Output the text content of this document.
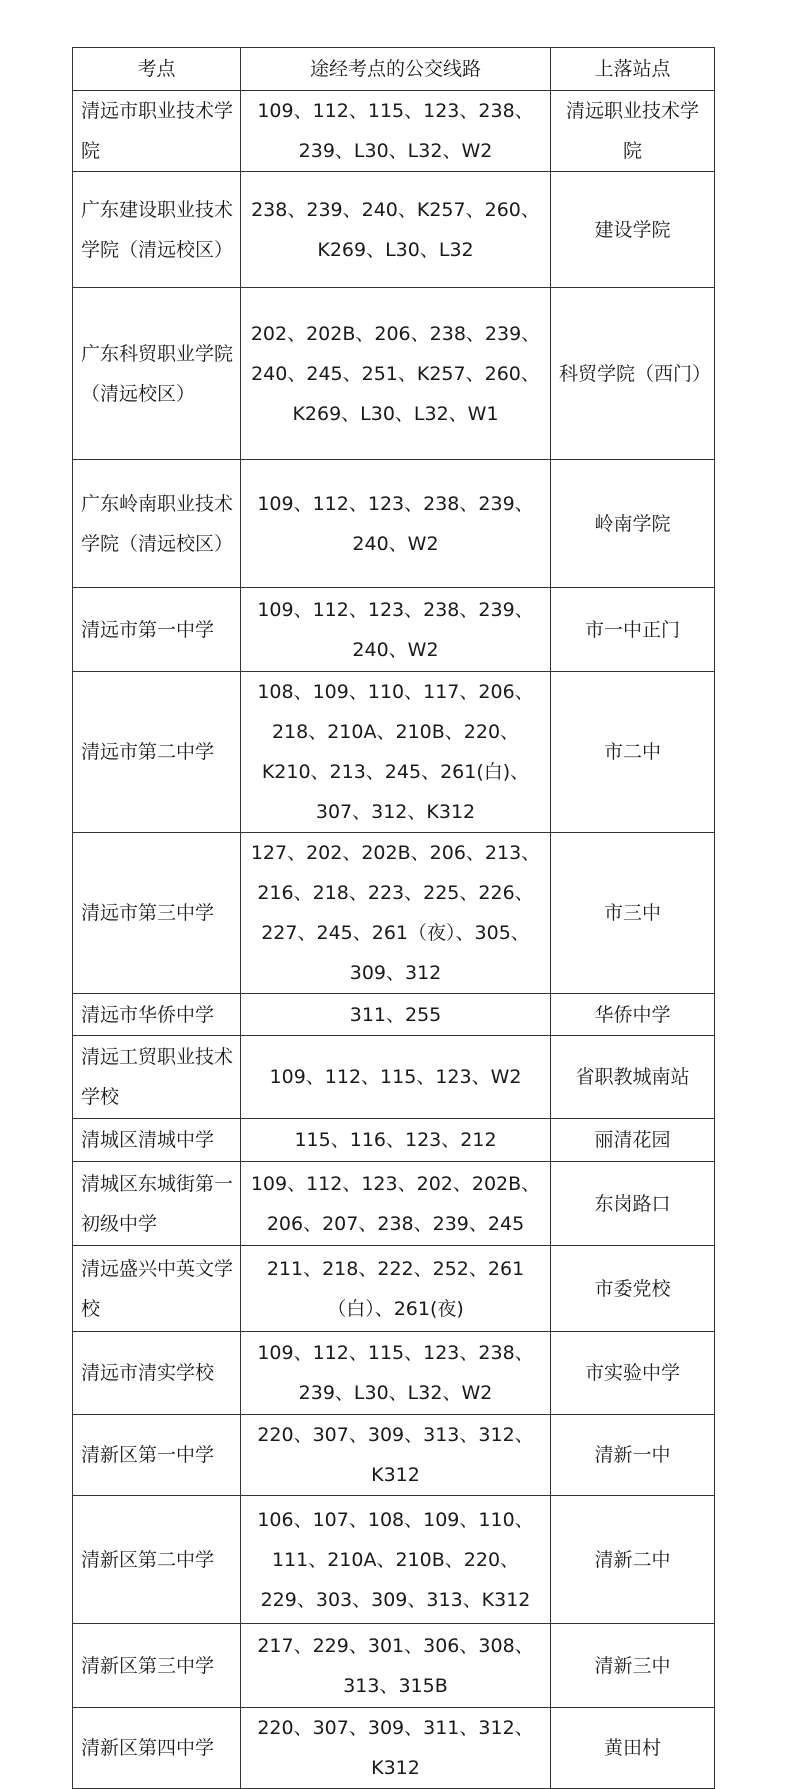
考点	途经考点的公交线路	上落站点
清远市职业技术学院	109、112、115、123、238、239、L30、L32、W2	清远职业技术学院
广东建设职业技术学院（清远校区）	238、239、240、K257、260、K269、L30、L32	建设学院
广东科贸职业学院（清远校区）	202、202B、206、238、239、240、245、251、K257、260、K269、L30、L32、W1	科贸学院（西门）
广东岭南职业技术学院（清远校区）	109、112、123、238、239、240、W2	岭南学院
清远市第一中学	109、112、123、238、239、240、W2	市一中正门
清远市第二中学	108、109、110、117、206、218、210A、210B、220、K210、213、245、261(白)、307、312、K312	市二中
清远市第三中学	127、202、202B、206、213、216、218、223、225、226、227、245、261（夜）、305、309、312	市三中
清远市华侨中学	311、255	华侨中学
清远工贸职业技术学校	109、112、115、123、W2	省职教城南站
清城区清城中学	115、116、123、212	丽清花园
清城区东城街第一初级中学	109、112、123、202、202B、206、207、238、239、245	东岗路口
清远盛兴中英文学校	211、218、222、252、261（白）、261(夜)	市委党校
清远市清实学校	109、112、115、123、238、239、L30、L32、W2	市实验中学
清新区第一中学	220、307、309、313、312、K312	清新一中
清新区第二中学	106、107、108、109、110、111、210A、210B、220、229、303、309、313、K312	清新二中
清新区第三中学	217、229、301、306、308、313、315B	清新三中
清新区第四中学	220、307、309、311、312、K312	黄田村
